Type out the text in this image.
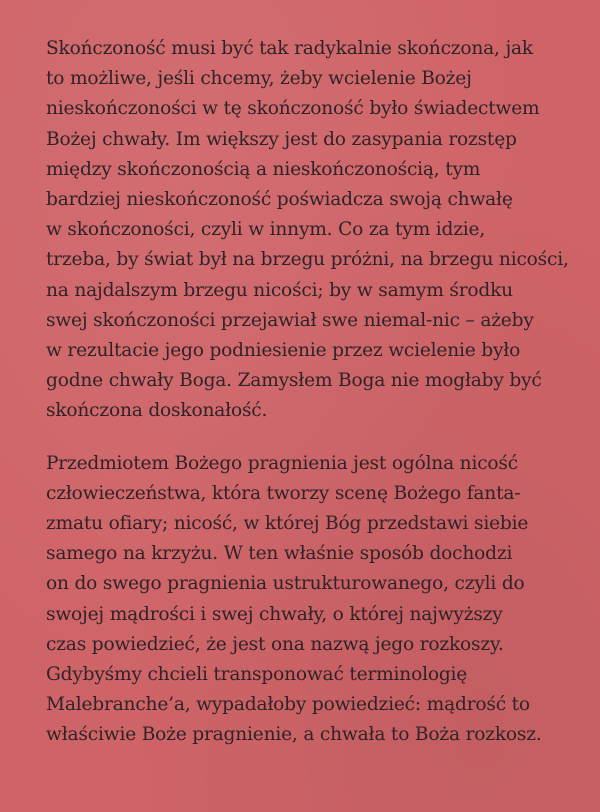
Skończoność musi być tak radykalnie skończona, jak
to możliwe, jeśli chcemy, żeby wcielenie Bożej
nieskończoności w tę skończoność było świadectwem
Bożej chwały. Im większy jest do zasypania rozstęp
między skończonością a nieskończonością, tym
bardziej nieskończoność poświadcza swoją chwałę
w skończoności, czyli w innym. Co za tym idzie,
trzeba, by świat był na brzegu próżni, na brzegu nicości,
na najdalszym brzegu nicości; by w samym środku
swej skończoności przejawiał swe niemal-nic – ażeby
w rezultacie jego podniesienie przez wcielenie było
godne chwały Boga. Zamysłem Boga nie mogłaby być
skończona doskonałość.

Przedmiotem Bożego pragnienia jest ogólna nicość
człowieczeństwa, która tworzy scenę Bożego fanta-
zmatu ofiary; nicość, w której Bóg przedstawi siebie
samego na krzyżu. W ten właśnie sposób dochodzi
on do swego pragnienia ustrukturowanego, czyli do
swojej mądrości i swej chwały, o której najwyższy
czas powiedzieć, że jest ona nazwą jego rozkoszy.
Gdybyśmy chcieli transponować terminologię
Malebranche’a, wypadałoby powiedzieć: mądrość to
właściwie Boże pragnienie, a chwała to Boża rozkosz.
